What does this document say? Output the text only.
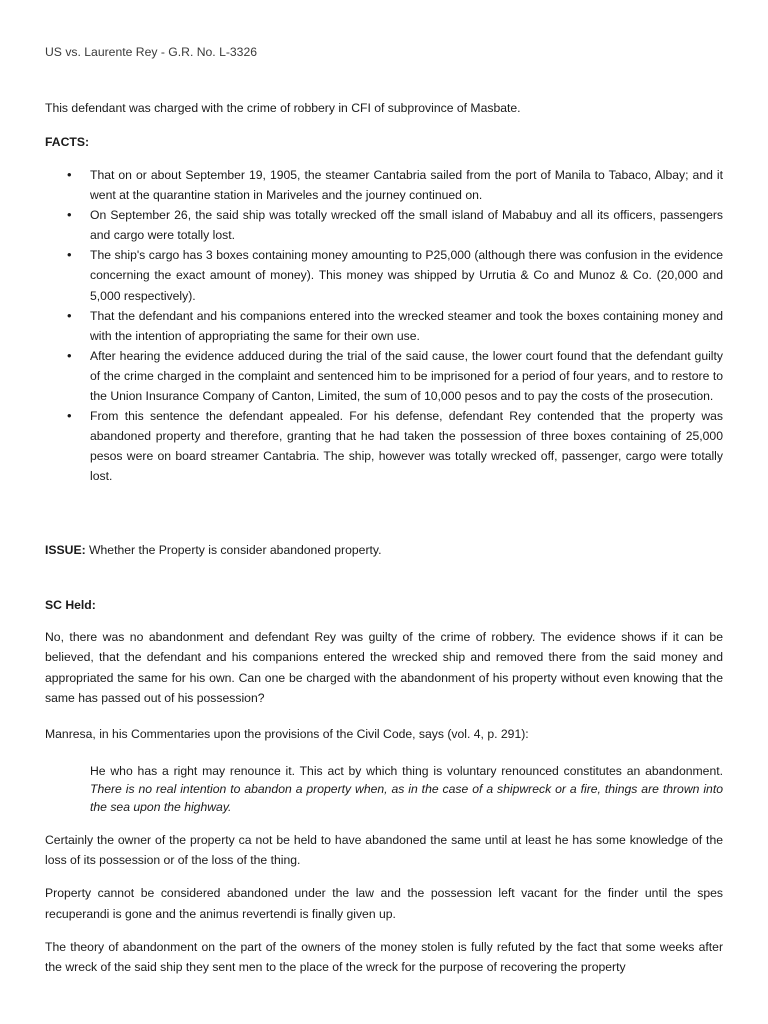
US vs. Laurente Rey - G.R. No. L-3326

This defendant was charged with the crime of robbery in CFI of subprovince of Masbate.

FACTS:

• That on or about September 19, 1905, the steamer Cantabria sailed from the port of Manila to Tabaco, Albay; and it went at the quarantine station in Mariveles and the journey continued on.
• On September 26, the said ship was totally wrecked off the small island of Mababuy and all its officers, passengers and cargo were totally lost.
• The ship's cargo has 3 boxes containing money amounting to P25,000 (although there was confusion in the evidence concerning the exact amount of money). This money was shipped by Urrutia & Co and Munoz & Co. (20,000 and 5,000 respectively).
• That the defendant and his companions entered into the wrecked steamer and took the boxes containing money and with the intention of appropriating the same for their own use.
• After hearing the evidence adduced during the trial of the said cause, the lower court found that the defendant guilty of the crime charged in the complaint and sentenced him to be imprisoned for a period of four years, and to restore to the Union Insurance Company of Canton, Limited, the sum of 10,000 pesos and to pay the costs of the prosecution.
• From this sentence the defendant appealed. For his defense, defendant Rey contended that the property was abandoned property and therefore, granting that he had taken the possession of three boxes containing of 25,000 pesos were on board streamer Cantabria. The ship, however was totally wrecked off, passenger, cargo were totally lost.

ISSUE: Whether the Property is consider abandoned property.

SC Held:

No, there was no abandonment and defendant Rey was guilty of the crime of robbery. The evidence shows if it can be believed, that the defendant and his companions entered the wrecked ship and removed there from the said money and appropriated the same for his own. Can one be charged with the abandonment of his property without even knowing that the same has passed out of his possession?

Manresa, in his Commentaries upon the provisions of the Civil Code, says (vol. 4, p. 291):

He who has a right may renounce it. This act by which thing is voluntary renounced constitutes an abandonment. There is no real intention to abandon a property when, as in the case of a shipwreck or a fire, things are thrown into the sea upon the highway.

Certainly the owner of the property ca not be held to have abandoned the same until at least he has some knowledge of the loss of its possession or of the loss of the thing.

Property cannot be considered abandoned under the law and the possession left vacant for the finder until the spes recuperandi is gone and the animus revertendi is finally given up.

The theory of abandonment on the part of the owners of the money stolen is fully refuted by the fact that some weeks after the wreck of the said ship they sent men to the place of the wreck for the purpose of recovering the property
